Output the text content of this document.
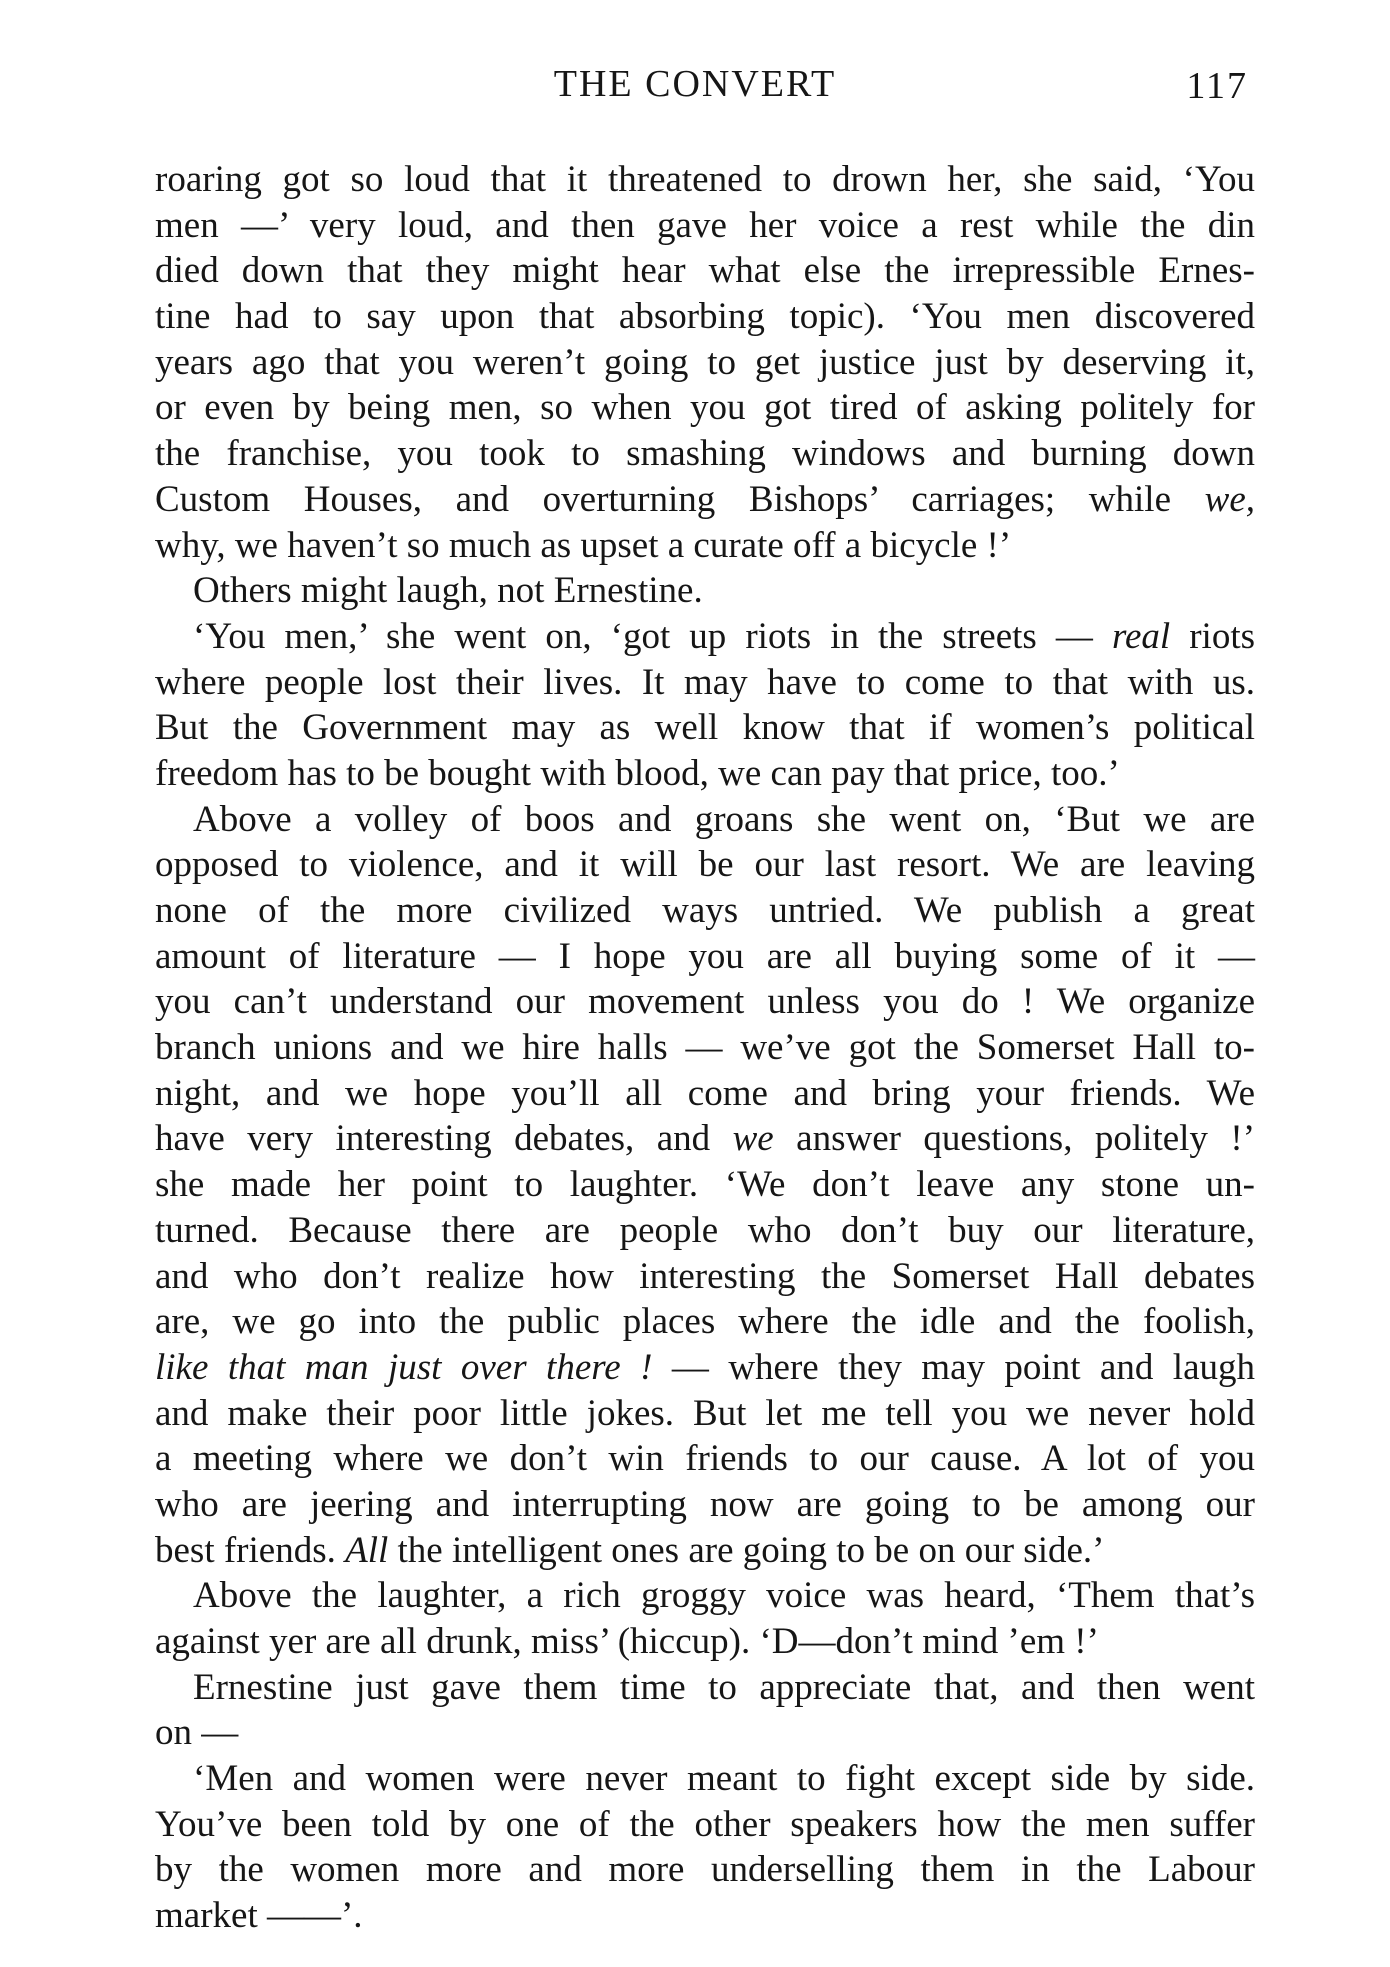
THE CONVERT	117
roaring got so loud that it threatened to drown her, she said, ‘You
men —’ very loud, and then gave her voice a rest while the din
died down that they might hear what else the irrepressible Ernes-
tine had to say upon that absorbing topic). ‘You men discovered
years ago that you weren’t going to get justice just by deserving it,
or even by being men, so when you got tired of asking politely for
the franchise, you took to smashing windows and burning down
Custom Houses, and overturning Bishops’ carriages; while we,
why, we haven’t so much as upset a curate off a bicycle !’
Others might laugh, not Ernestine.
‘You men,’ she went on, ‘got up riots in the streets — real riots
where people lost their lives. It may have to come to that with us.
But the Government may as well know that if women’s political
freedom has to be bought with blood, we can pay that price, too.’
Above a volley of boos and groans she went on, ‘But we are
opposed to violence, and it will be our last resort. We are leaving
none of the more civilized ways untried. We publish a great
amount of literature — I hope you are all buying some of it —
you can’t understand our movement unless you do ! We organize
branch unions and we hire halls — we’ve got the Somerset Hall to-
night, and we hope you’ll all come and bring your friends. We
have very interesting debates, and we answer questions, politely !’
she made her point to laughter. ‘We don’t leave any stone un-
turned. Because there are people who don’t buy our literature,
and who don’t realize how interesting the Somerset Hall debates
are, we go into the public places where the idle and the foolish,
like that man just over there ! — where they may point and laugh
and make their poor little jokes. But let me tell you we never hold
a meeting where we don’t win friends to our cause. A lot of you
who are jeering and interrupting now are going to be among our
best friends. All the intelligent ones are going to be on our side.’
Above the laughter, a rich groggy voice was heard, ‘Them that’s
against yer are all drunk, miss’ (hiccup). ‘D—don’t mind ’em !’
Ernestine just gave them time to appreciate that, and then went
on —
‘Men and women were never meant to fight except side by side.
You’ve been told by one of the other speakers how the men suffer
by the women more and more underselling them in the Labour
market ——’.
